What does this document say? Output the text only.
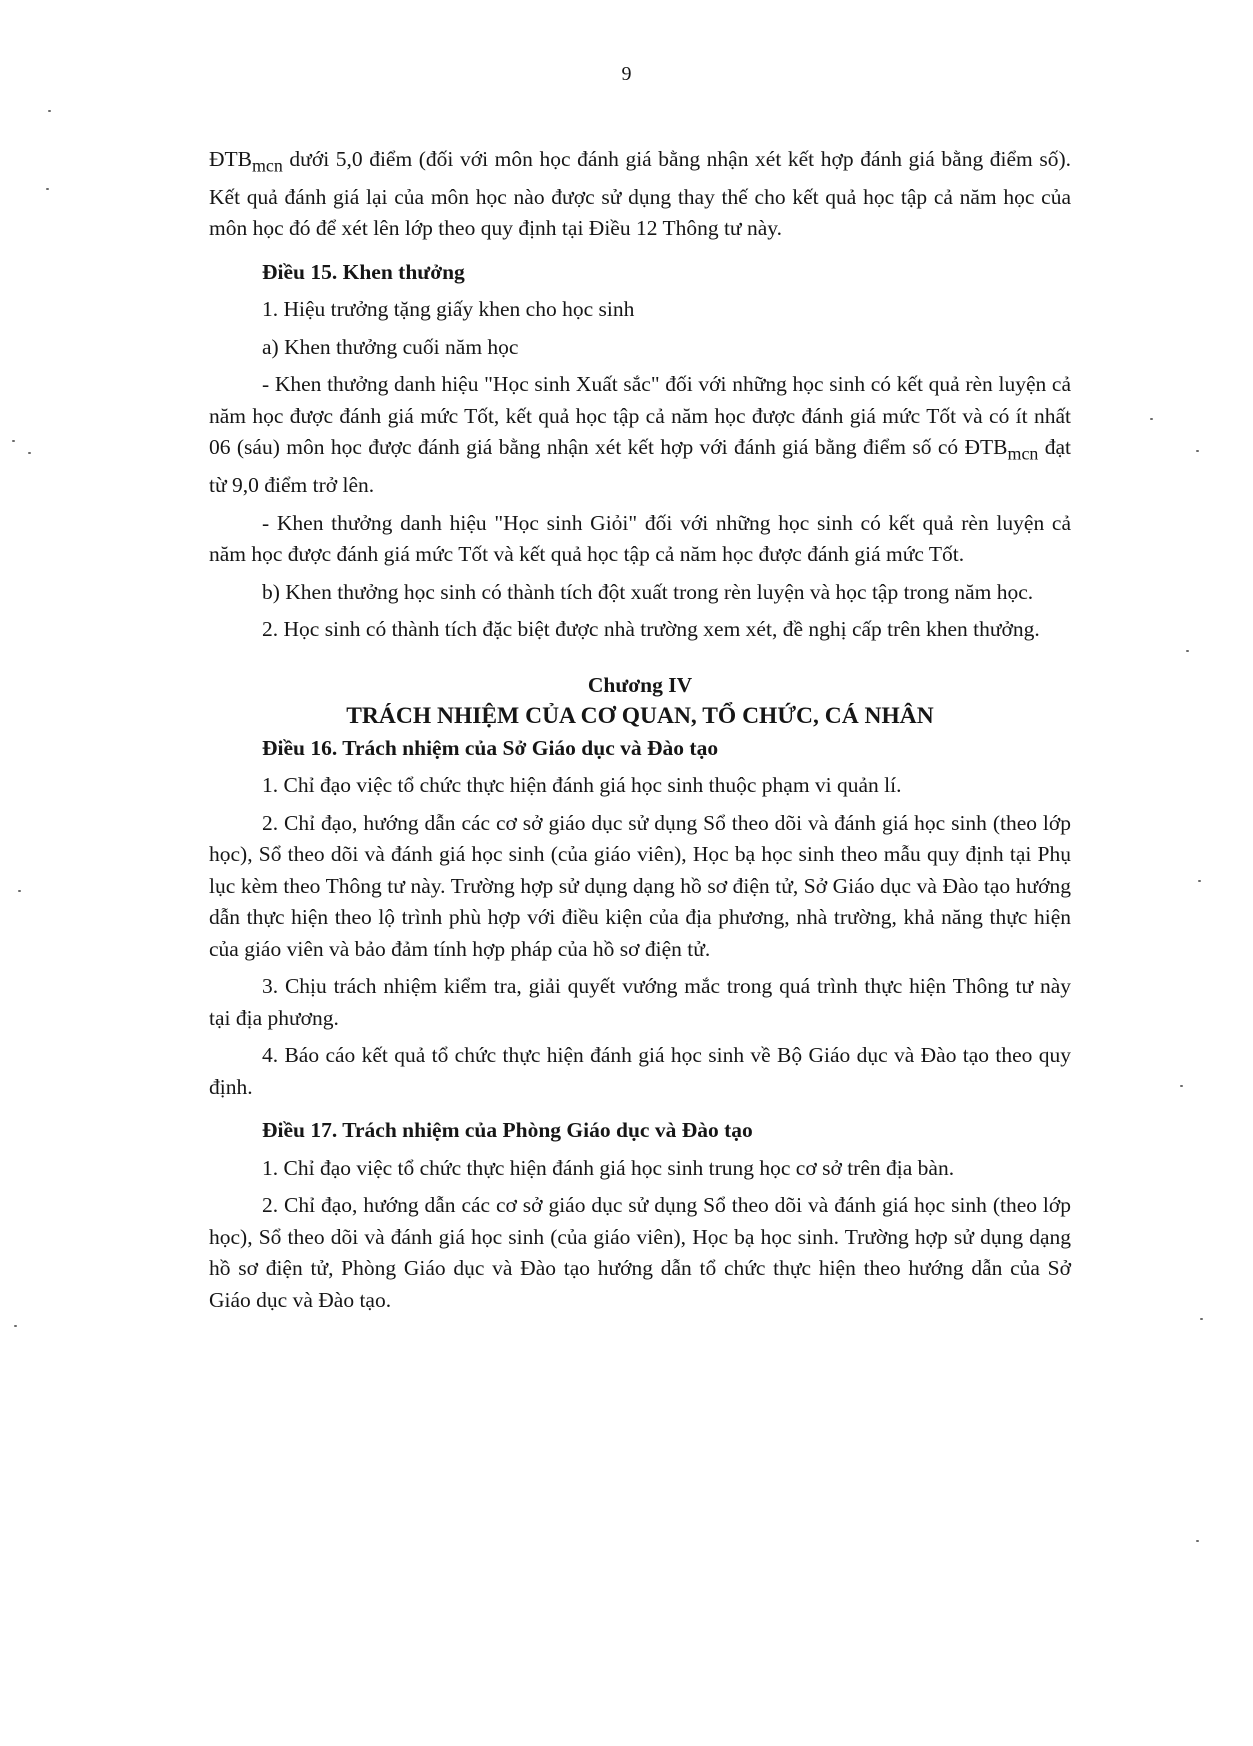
9

$ĐTB_{mcn}$ dưới 5,0 điểm (đối với môn học đánh giá bằng nhận xét kết hợp đánh giá bằng điểm số). Kết quả đánh giá lại của môn học nào được sử dụng thay thế cho kết quả học tập cả năm học của môn học đó để xét lên lớp theo quy định tại Điều 12 Thông tư này.

Điều 15. Khen thưởng

1. Hiệu trưởng tặng giấy khen cho học sinh

a) Khen thưởng cuối năm học

- Khen thưởng danh hiệu "Học sinh Xuất sắc" đối với những học sinh có kết quả rèn luyện cả năm học được đánh giá mức Tốt, kết quả học tập cả năm học được đánh giá mức Tốt và có ít nhất 06 (sáu) môn học được đánh giá bằng nhận xét kết hợp với đánh giá bằng điểm số có $ĐTB_{mcn}$ đạt từ 9,0 điểm trở lên.

- Khen thưởng danh hiệu "Học sinh Giỏi" đối với những học sinh có kết quả rèn luyện cả năm học được đánh giá mức Tốt và kết quả học tập cả năm học được đánh giá mức Tốt.

b) Khen thưởng học sinh có thành tích đột xuất trong rèn luyện và học tập trong năm học.

2. Học sinh có thành tích đặc biệt được nhà trường xem xét, đề nghị cấp trên khen thưởng.

Chương IV

TRÁCH NHIỆM CỦA CƠ QUAN, TỔ CHỨC, CÁ NHÂN

Điều 16. Trách nhiệm của Sở Giáo dục và Đào tạo

1. Chỉ đạo việc tổ chức thực hiện đánh giá học sinh thuộc phạm vi quản lí.

2. Chỉ đạo, hướng dẫn các cơ sở giáo dục sử dụng Sổ theo dõi và đánh giá học sinh (theo lớp học), Sổ theo dõi và đánh giá học sinh (của giáo viên), Học bạ học sinh theo mẫu quy định tại Phụ lục kèm theo Thông tư này. Trường hợp sử dụng dạng hồ sơ điện tử, Sở Giáo dục và Đào tạo hướng dẫn thực hiện theo lộ trình phù hợp với điều kiện của địa phương, nhà trường, khả năng thực hiện của giáo viên và bảo đảm tính hợp pháp của hồ sơ điện tử.

3. Chịu trách nhiệm kiểm tra, giải quyết vướng mắc trong quá trình thực hiện Thông tư này tại địa phương.

4. Báo cáo kết quả tổ chức thực hiện đánh giá học sinh về Bộ Giáo dục và Đào tạo theo quy định.

Điều 17. Trách nhiệm của Phòng Giáo dục và Đào tạo

1. Chỉ đạo việc tổ chức thực hiện đánh giá học sinh trung học cơ sở trên địa bàn.

2. Chỉ đạo, hướng dẫn các cơ sở giáo dục sử dụng Sổ theo dõi và đánh giá học sinh (theo lớp học), Sổ theo dõi và đánh giá học sinh (của giáo viên), Học bạ học sinh. Trường hợp sử dụng dạng hồ sơ điện tử, Phòng Giáo dục và Đào tạo hướng dẫn tổ chức thực hiện theo hướng dẫn của Sở Giáo dục và Đào tạo.
